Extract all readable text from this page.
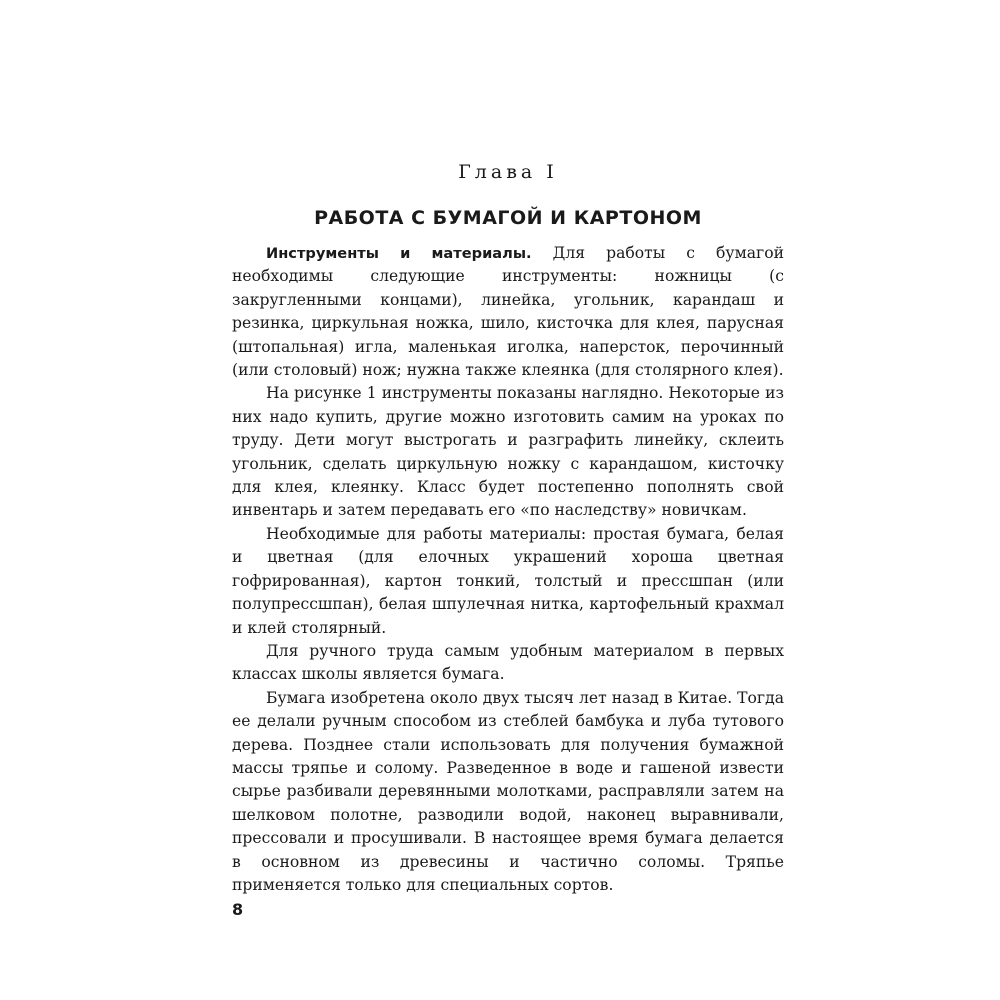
Глава I
РАБОТА С БУМАГОЙ И КАРТОНОМ

Инструменты и материалы. Для работы с бумагой необходимы следующие инструменты: ножницы (с закругленными концами), линейка, угольник, карандаш и резинка, циркульная ножка, шило, кисточка для клея, парусная (штопальная) игла, маленькая иголка, наперсток, перочинный (или столовый) нож; нужна также клеянка (для столярного клея).

На рисунке 1 инструменты показаны наглядно. Некоторые из них надо купить, другие можно изготовить самим на уроках по труду. Дети могут выстрогать и разграфить линейку, склеить угольник, сделать циркульную ножку с карандашом, кисточку для клея, клеянку. Класс будет постепенно пополнять свой инвентарь и затем передавать его «по наследству» новичкам.

Необходимые для работы материалы: простая бумага, белая и цветная (для елочных украшений хороша цветная гофрированная), картон тонкий, толстый и прессшпан (или полупрессшпан), белая шпулечная нитка, картофельный крахмал и клей столярный.

Для ручного труда самым удобным материалом в первых классах школы является бумага.

Бумага изобретена около двух тысяч лет назад в Китае. Тогда ее делали ручным способом из стеблей бамбука и луба тутового дерева. Позднее стали использовать для получения бумажной массы тряпье и солому. Разведенное в воде и гашеной извести сырье разбивали деревянными молотками, расправляли затем на шелковом полотне, разводили водой, наконец выравнивали, прессовали и просушивали. В настоящее время бумага делается в основном из древесины и частично соломы. Тряпье применяется только для специальных сортов.

8
